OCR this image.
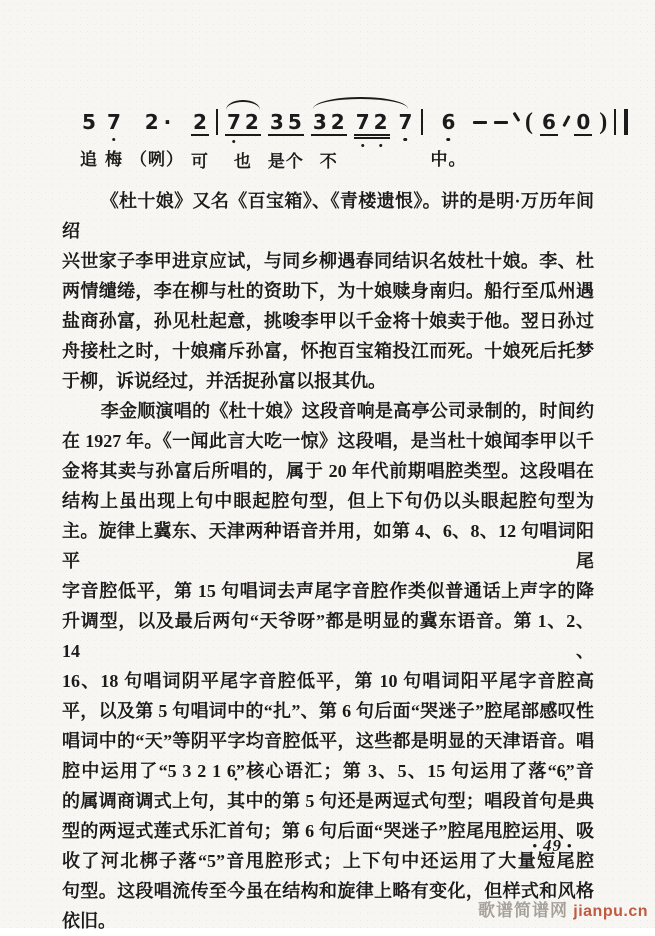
5
追
7
梅
2 ·
（咧）
2
可
7 2
也
3 5
是个
3 2
不
7 2 7 6
中。
( 6 0 )
《杜十娘》又名《百宝箱》、《青楼遗恨》。讲的是明·万历年间绍
兴世家子李甲进京应试，与同乡柳遇春同结识名妓杜十娘。李、杜
两情缱绻，李在柳与杜的资助下，为十娘赎身南归。船行至瓜州遇
盐商孙富，孙见杜起意，挑唆李甲以千金将十娘卖于他。翌日孙过
舟接杜之时，十娘痛斥孙富，怀抱百宝箱投江而死。十娘死后托梦
于柳，诉说经过，并活捉孙富以报其仇。
李金顺演唱的《杜十娘》这段音响是高亭公司录制的，时间约
在 1927 年。《一闻此言大吃一惊》这段唱，是当杜十娘闻李甲以千
金将其卖与孙富后所唱的，属于 20 年代前期唱腔类型。这段唱在
结构上虽出现上句中眼起腔句型，但上下句仍以头眼起腔句型为
主。旋律上冀东、天津两种语音并用，如第 4、6、8、12 句唱词阳平尾
字音腔低平，第 15 句唱词去声尾字音腔作类似普通话上声字的降
升调型，以及最后两句“天爷呀”都是明显的冀东语音。第 1、2、14、
16、18 句唱词阴平尾字音腔低平，第 10 句唱词阳平尾字音腔高
平，以及第 5 句唱词中的“扎”、第 6 句后面“哭迷子”腔尾部感叹性
唱词中的“天”等阴平字均音腔低平，这些都是明显的天津语音。唱
腔中运用了“5 3 2 1 6̣”核心语汇；第 3、5、15 句运用了落“6̣”音
的属调商调式上句，其中的第 5 句还是两逗式句型；唱段首句是典
型的两逗式莲式乐汇首句；第 6 句后面“哭迷子”腔尾甩腔运用、吸
收了河北梆子落“5”音甩腔形式；上下句中还运用了大量短尾腔
句型。这段唱流传至今虽在结构和旋律上略有变化，但样式和风格
依旧。
• 49 •
歌谱简谱网 jianpu.cn
